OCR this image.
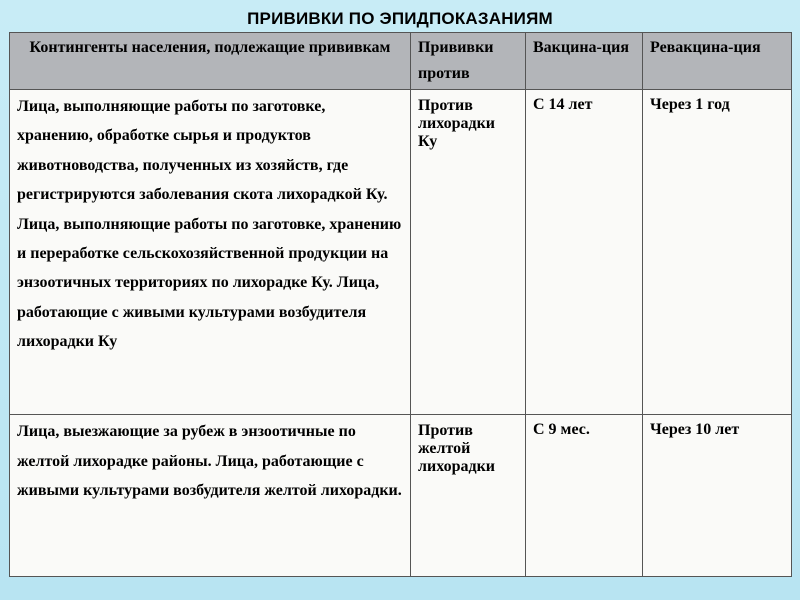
ПРИВИВКИ ПО ЭПИДПОКАЗАНИЯМ
Контингенты населения, подлежащие прививкам	Прививки против	Вакцина-ция	Ревакцина-ция
Лица, выполняющие работы по заготовке, хранению, обработке сырья и продуктов животноводства, полученных из хозяйств, где регистрируются заболевания скота лихорадкой Ку. Лица, выполняющие работы по заготовке, хранению и переработке сельскохозяйственной продукции на энзоотичных территориях по лихорадке Ку. Лица, работающие с живыми культурами возбудителя лихорадки Ку	Против лихорадки Ку	С 14 лет	Через 1 год
Лица, выезжающие за рубеж в энзоотичные по желтой лихорадке районы. Лица, работающие с живыми культурами возбудителя желтой лихорадки.	Против желтой лихорадки	С 9 мес.	Через 10 лет
